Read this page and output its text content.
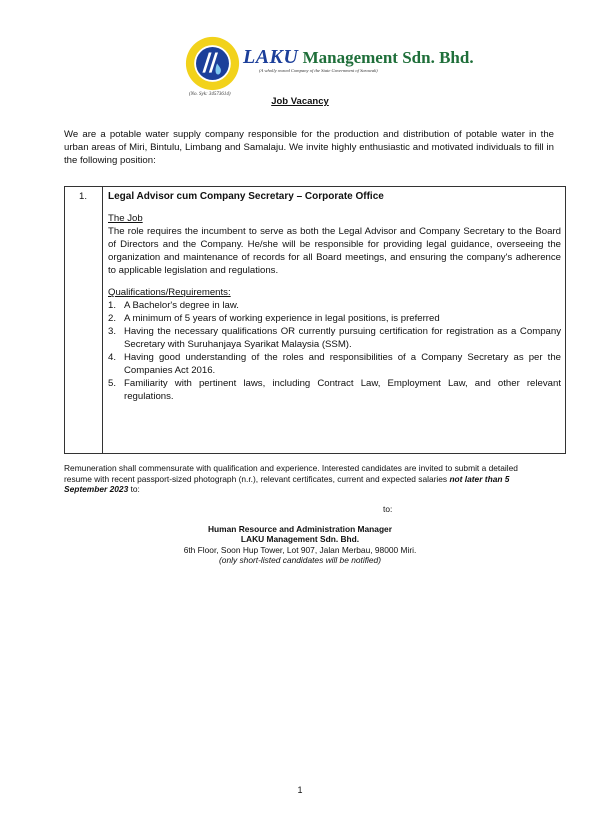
LAKU Management Sdn. Bhd.
(A wholly owned Company of the State Government of Sarawak)
(No. Syk: 34573614)
Job Vacancy

We are a potable water supply company responsible for the production and distribution of potable water in the urban areas of Miri, Bintulu, Limbang and Samalaju. We invite highly enthusiastic and motivated individuals to fill in the following position:

1. Legal Advisor cum Company Secretary – Corporate Office
The Job

The role requires the incumbent to serve as both the Legal Advisor and Company Secretary to the Board of Directors and the Company. He/she will be responsible for providing legal guidance, overseeing the organization and maintenance of records for all Board meetings, and ensuring the company's adherence to applicable legislation and regulations.

Qualifications/Requirements:
1. A Bachelor's degree in law.
2. A minimum of 5 years of working experience in legal positions, is preferred
3. Having the necessary qualifications OR currently pursuing certification for registration as a Company Secretary with Suruhanjaya Syarikat Malaysia (SSM).
4. Having good understanding of the roles and responsibilities of a Company Secretary as per the Companies Act 2016.
5. Familiarity with pertinent laws, including Contract Law, Employment Law, and other relevant regulations.

Remuneration shall commensurate with qualification and experience. Interested candidates are invited to submit a detailed resume with recent passport-sized photograph (n.r.), relevant certificates, current and expected salaries not later than 5 September 2023 to:

to:
Human Resource and Administration Manager
LAKU Management Sdn. Bhd.
6th Floor, Soon Hup Tower, Lot 907, Jalan Merbau, 98000 Miri.
(only short-listed candidates will be notified)
1
